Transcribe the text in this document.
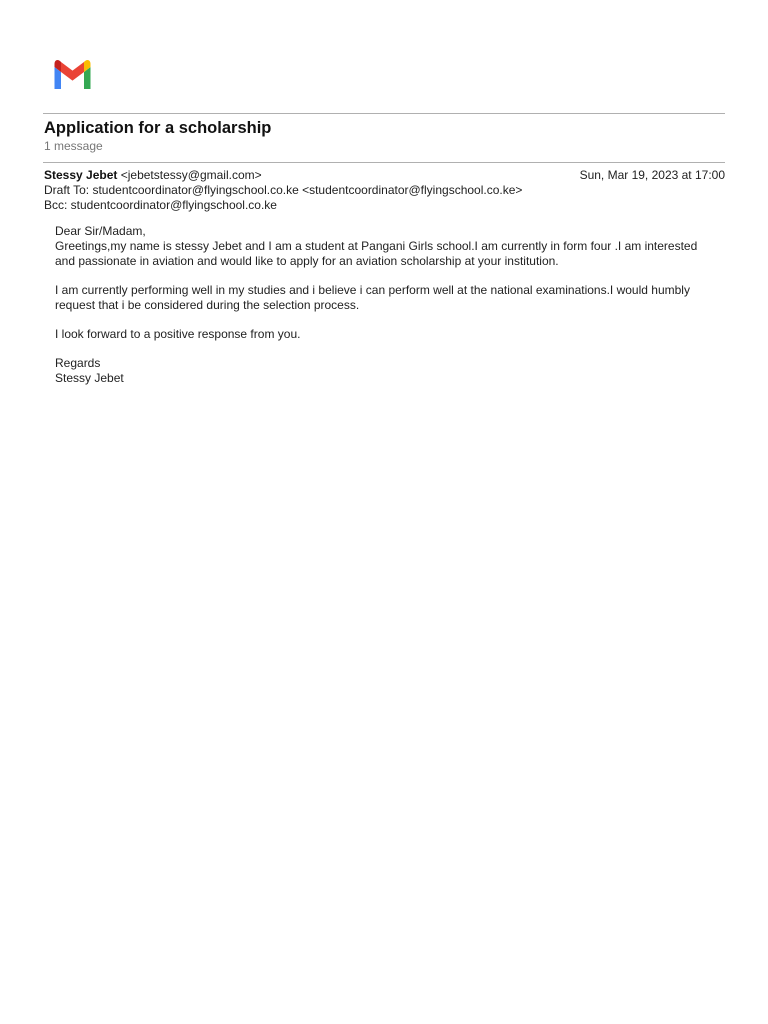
Application for a scholarship
1 message
Stessy Jebet <jebetstessy@gmail.com>	Sun, Mar 19, 2023 at 17:00
Draft To: studentcoordinator@flyingschool.co.ke <studentcoordinator@flyingschool.co.ke>
Bcc: studentcoordinator@flyingschool.co.ke

Dear Sir/Madam,
Greetings,my name is stessy Jebet and I am a student at Pangani Girls school.I am currently in form four .I am interested
and passionate in aviation and would like to apply for an aviation scholarship at your institution.

I am currently performing well in my studies and i believe i can perform well at the national examinations.I would humbly
request that i be considered during the selection process.

I look forward to a positive response from you.

Regards
Stessy Jebet
